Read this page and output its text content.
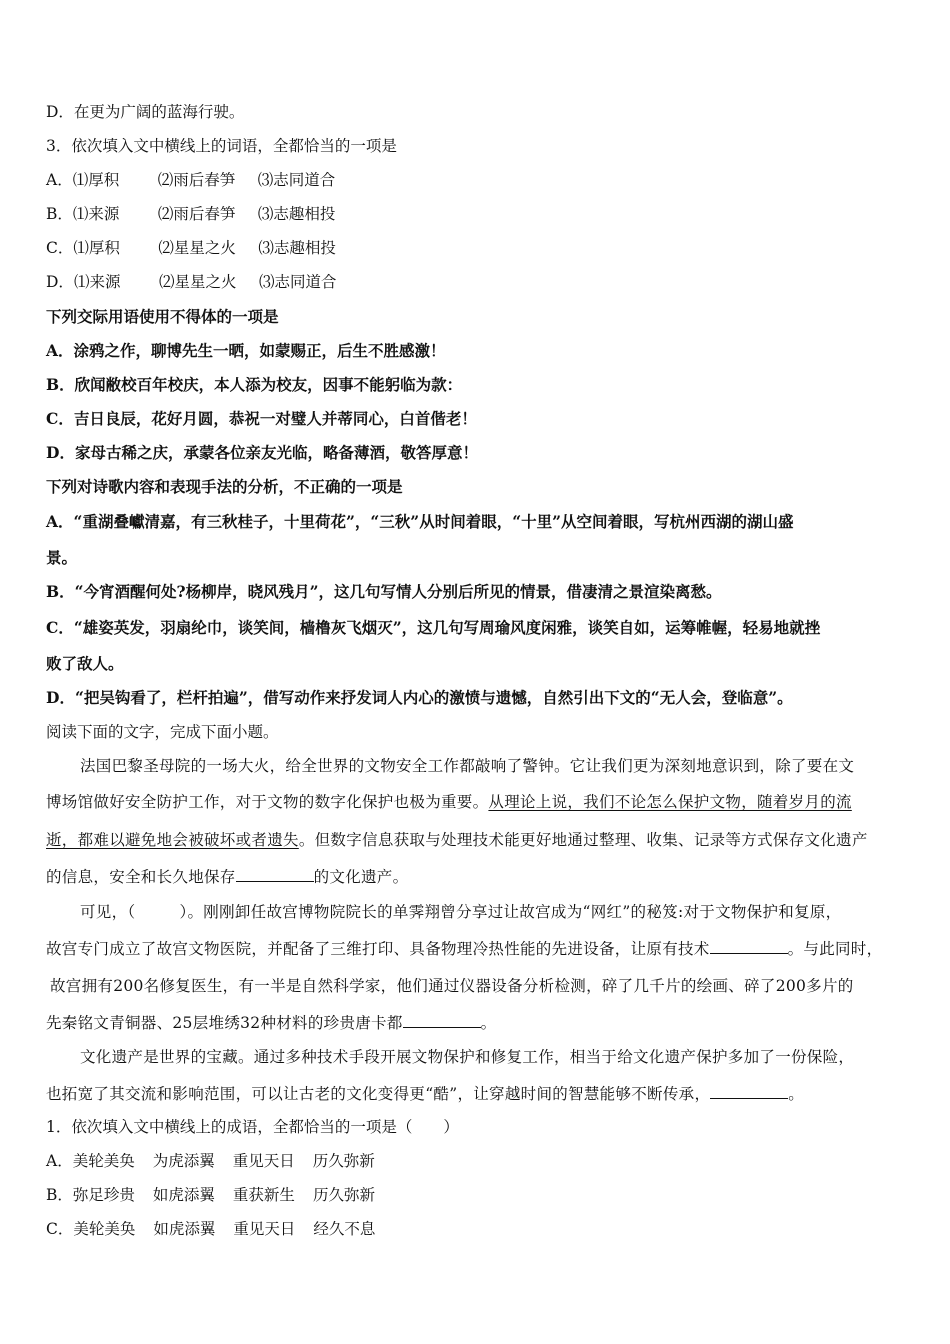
D．在更为广阔的蓝海行驶。
3．依次填入文中横线上的词语，全都恰当的一项是
A．⑴厚积 ⑵雨后春笋 ⑶志同道合
B．⑴来源 ⑵雨后春笋 ⑶志趣相投
C．⑴厚积 ⑵星星之火 ⑶志趣相投
D．⑴来源 ⑵星星之火 ⑶志同道合
下列交际用语使用不得体的一项是
A．涂鸦之作，聊博先生一晒，如蒙赐正，后生不胜感激！
B．欣闻敝校百年校庆，本人添为校友，因事不能躬临为款：
C．吉日良辰，花好月圆，恭祝一对璧人并蒂同心，白首偕老！
D．家母古稀之庆，承蒙各位亲友光临，略备薄酒，敬答厚意！
下列对诗歌内容和表现手法的分析，不正确的一项是
A．“重湖叠巘清嘉，有三秋桂子，十里荷花”，“三秋”从时间着眼，“十里”从空间着眼，写杭州西湖的湖山盛
景。
B．“今宵酒醒何处?杨柳岸，晓风残月”，这几句写情人分别后所见的情景，借凄清之景渲染离愁。
C．“雄姿英发，羽扇纶巾，谈笑间，樯橹灰飞烟灭”，这几句写周瑜风度闲雅，谈笑自如，运筹帷幄，轻易地就挫
败了敌人。
D．“把吴钩看了，栏杆拍遍”，借写动作来抒发词人内心的激愤与遗憾，自然引出下文的“无人会，登临意”。
阅读下面的文字，完成下面小题。
法国巴黎圣母院的一场大火，给全世界的文物安全工作都敲响了警钟。它让我们更为深刻地意识到，除了要在文
博场馆做好安全防护工作，对于文物的数字化保护也极为重要。从理论上说，我们不论怎么保护文物，随着岁月的流
逝，都难以避免地会被破坏或者遗失。但数字信息获取与处理技术能更好地通过整理、收集、记录等方式保存文化遗产
的信息，安全和长久地保存	的文化遗产。
可见，（	）。刚刚卸任故宫博物院院长的单霁翔曾分享过让故宫成为“网红”的秘笈:对于文物保护和复原，
故宫专门成立了故宫文物医院，并配备了三维打印、具备物理冷热性能的先进设备，让原有技术	。与此同时，
故宫拥有200名修复医生，有一半是自然科学家，他们通过仪器设备分析检测，碎了几千片的绘画、碎了200多片的
先秦铭文青铜器、25层堆绣32种材料的珍贵唐卡都	。
文化遗产是世界的宝藏。通过多种技术手段开展文物保护和修复工作，相当于给文化遗产保护多加了一份保险，
也拓宽了其交流和影响范围，可以让古老的文化变得更“酷”，让穿越时间的智慧能够不断传承，	。
1．依次填入文中横线上的成语，全都恰当的一项是（　　）
A．美轮美奂 为虎添翼 重见天日 历久弥新
B．弥足珍贵 如虎添翼 重获新生 历久弥新
C．美轮美奂 如虎添翼 重见天日 经久不息
